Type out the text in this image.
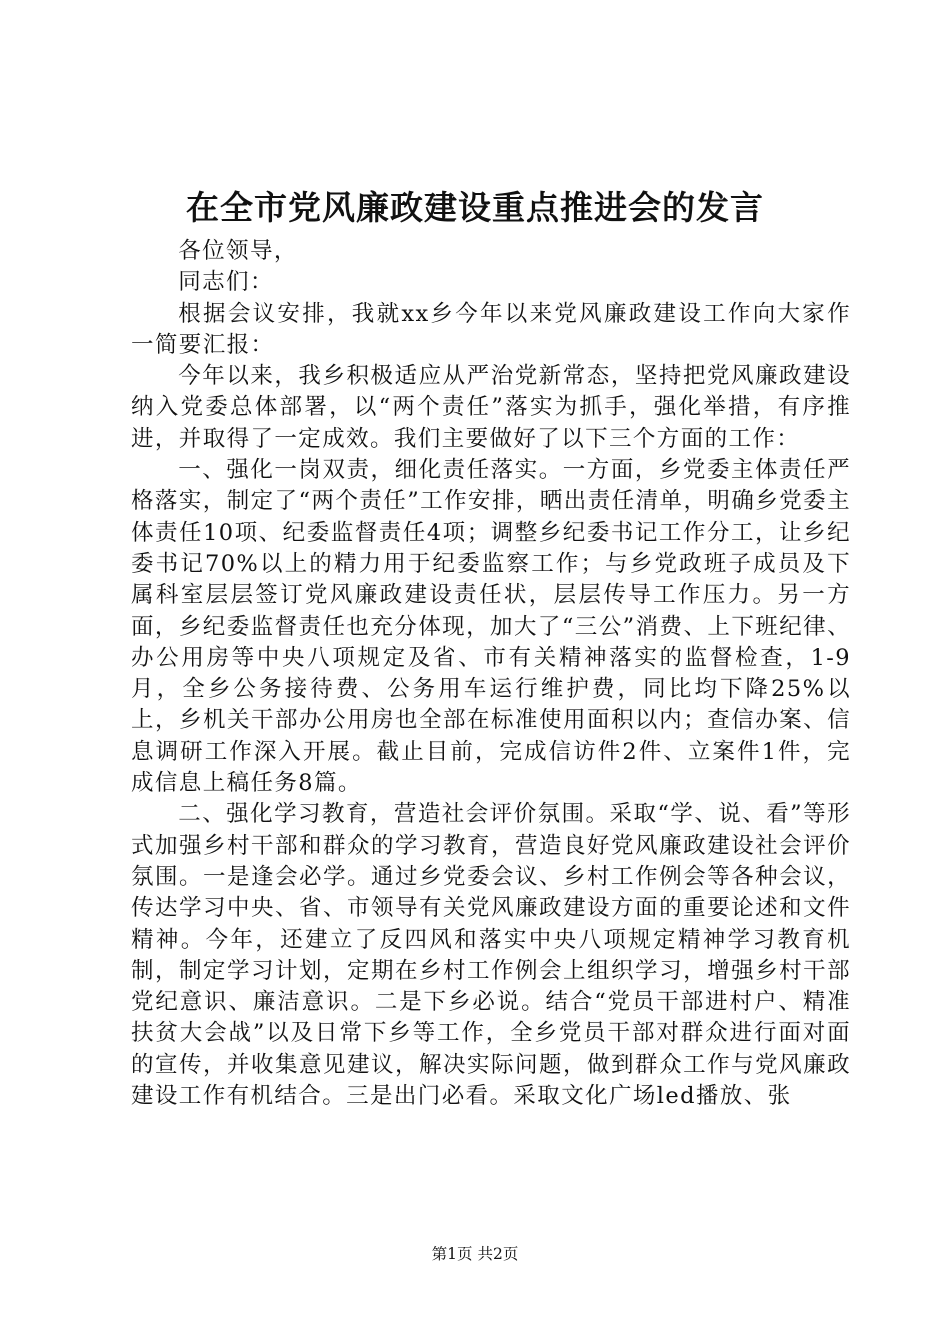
在全市党风廉政建设重点推进会的发言

各位领导，

同志们：

根据会议安排，我就xx乡今年以来党风廉政建设工作向大家作一简要汇报：

今年以来，我乡积极适应从严治党新常态，坚持把党风廉政建设纳入党委总体部署，以“两个责任”落实为抓手，强化举措，有序推进，并取得了一定成效。我们主要做好了以下三个方面的工作：

一、强化一岗双责，细化责任落实。一方面，乡党委主体责任严格落实，制定了“两个责任”工作安排，晒出责任清单，明确乡党委主体责任10项、纪委监督责任4项；调整乡纪委书记工作分工，让乡纪委书记70%以上的精力用于纪委监察工作；与乡党政班子成员及下属科室层层签订党风廉政建设责任状，层层传导工作压力。另一方面，乡纪委监督责任也充分体现，加大了“三公”消费、上下班纪律、办公用房等中央八项规定及省、市有关精神落实的监督检查，1-9月，全乡公务接待费、公务用车运行维护费，同比均下降25%以上，乡机关干部办公用房也全部在标准使用面积以内；查信办案、信息调研工作深入开展。截止目前，完成信访件2件、立案件1件，完成信息上稿任务8篇。

二、强化学习教育，营造社会评价氛围。采取“学、说、看”等形式加强乡村干部和群众的学习教育，营造良好党风廉政建设社会评价氛围。一是逢会必学。通过乡党委会议、乡村工作例会等各种会议，传达学习中央、省、市领导有关党风廉政建设方面的重要论述和文件精神。今年，还建立了反四风和落实中央八项规定精神学习教育机制，制定学习计划，定期在乡村工作例会上组织学习，增强乡村干部党纪意识、廉洁意识。二是下乡必说。结合“党员干部进村户、精准扶贫大会战”以及日常下乡等工作，全乡党员干部对群众进行面对面的宣传，并收集意见建议，解决实际问题，做到群众工作与党风廉政建设工作有机结合。三是出门必看。采取文化广场led播放、张

第1页 共2页
